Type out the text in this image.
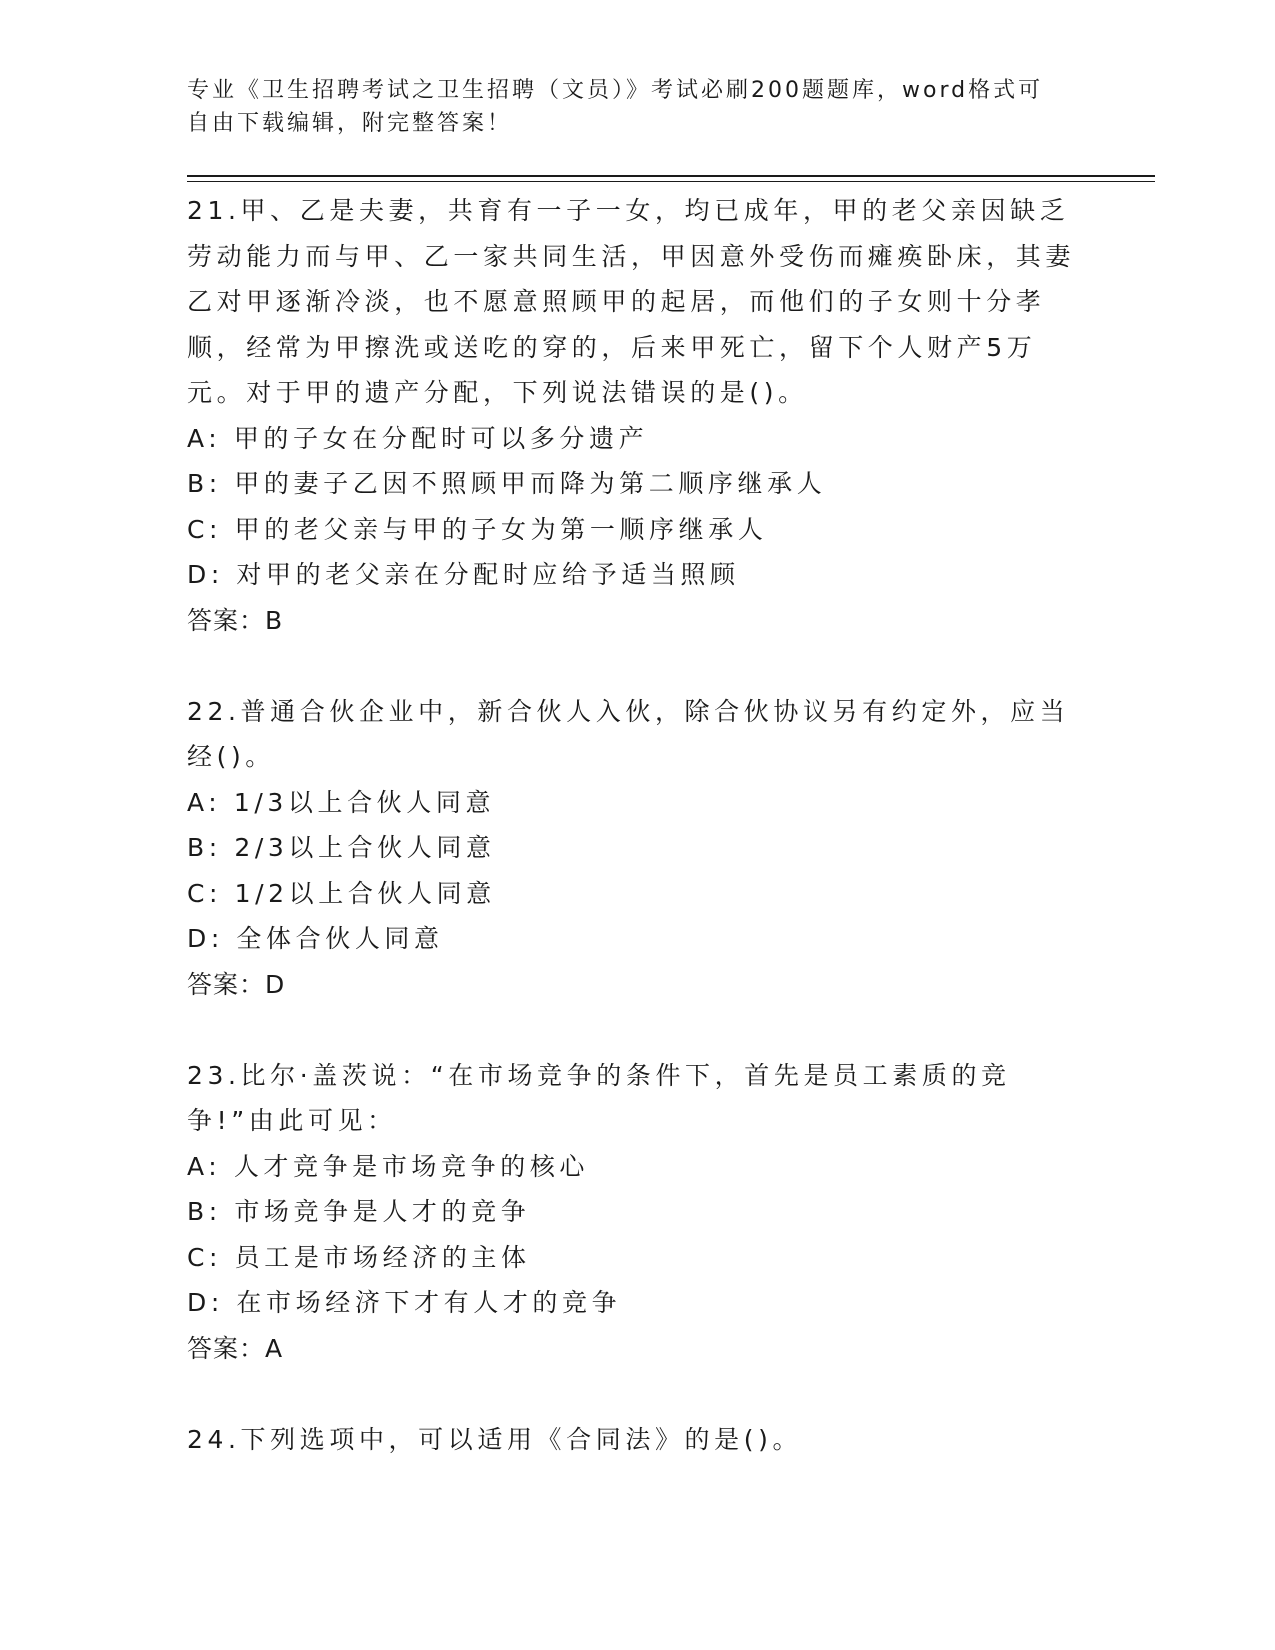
专业《卫生招聘考试之卫生招聘（文员）》考试必刷200题题库，word格式可自由下载编辑，附完整答案！

21.甲、乙是夫妻，共育有一子一女，均已成年，甲的老父亲因缺乏劳动能力而与甲、乙一家共同生活，甲因意外受伤而瘫痪卧床，其妻乙对甲逐渐冷淡，也不愿意照顾甲的起居，而他们的子女则十分孝顺，经常为甲擦洗或送吃的穿的，后来甲死亡，留下个人财产5万元。对于甲的遗产分配，下列说法错误的是()。

A: 甲的子女在分配时可以多分遗产

B: 甲的妻子乙因不照顾甲而降为第二顺序继承人

C: 甲的老父亲与甲的子女为第一顺序继承人

D: 对甲的老父亲在分配时应给予适当照顾

答案：B

22.普通合伙企业中，新合伙人入伙，除合伙协议另有约定外，应当经()。

A: 1/3以上合伙人同意

B: 2/3以上合伙人同意

C: 1/2以上合伙人同意

D: 全体合伙人同意

答案：D

23.比尔·盖茨说：“在市场竞争的条件下，首先是员工素质的竞争!”由此可见：

A: 人才竞争是市场竞争的核心

B: 市场竞争是人才的竞争

C: 员工是市场经济的主体

D: 在市场经济下才有人才的竞争

答案：A

24.下列选项中，可以适用《合同法》的是()。
